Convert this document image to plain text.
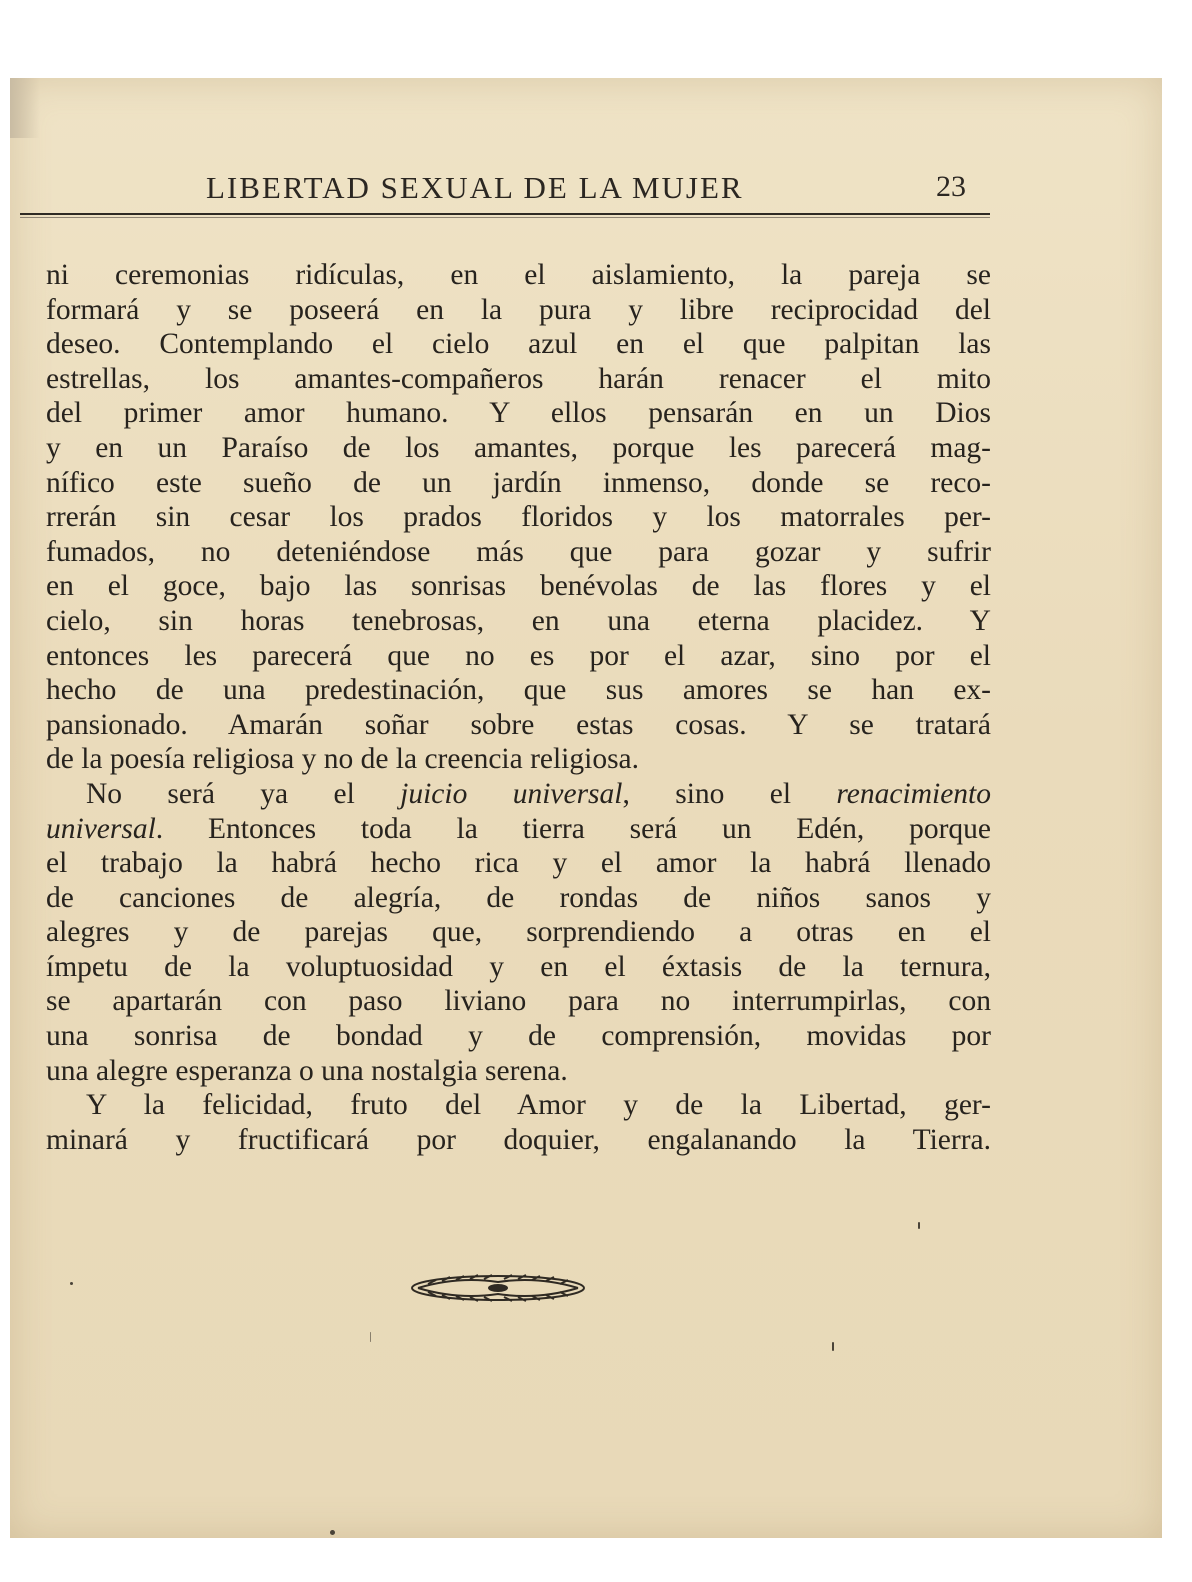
LIBERTAD SEXUAL DE LA MUJER	23
ni ceremonias ridículas, en el aislamiento, la pareja se
formará y se poseerá en la pura y libre reciprocidad del
deseo. Contemplando el cielo azul en el que palpitan las
estrellas, los amantes-compañeros harán renacer el mito
del primer amor humano. Y ellos pensarán en un Dios
y en un Paraíso de los amantes, porque les parecerá mag-
nífico este sueño de un jardín inmenso, donde se reco-
rrerán sin cesar los prados floridos y los matorrales per-
fumados, no deteniéndose más que para gozar y sufrir
en el goce, bajo las sonrisas benévolas de las flores y el
cielo, sin horas tenebrosas, en una eterna placidez. Y
entonces les parecerá que no es por el azar, sino por el
hecho de una predestinación, que sus amores se han ex-
pansionado. Amarán soñar sobre estas cosas. Y se tratará
de la poesía religiosa y no de la creencia religiosa.
No será ya el juicio universal, sino el renacimiento
universal. Entonces toda la tierra será un Edén, porque
el trabajo la habrá hecho rica y el amor la habrá llenado
de canciones de alegría, de rondas de niños sanos y
alegres y de parejas que, sorprendiendo a otras en el
ímpetu de la voluptuosidad y en el éxtasis de la ternura,
se apartarán con paso liviano para no interrumpirlas, con
una sonrisa de bondad y de comprensión, movidas por
una alegre esperanza o una nostalgia serena.
Y la felicidad, fruto del Amor y de la Libertad, ger-
minará y fructificará por doquier, engalanando la Tierra.
